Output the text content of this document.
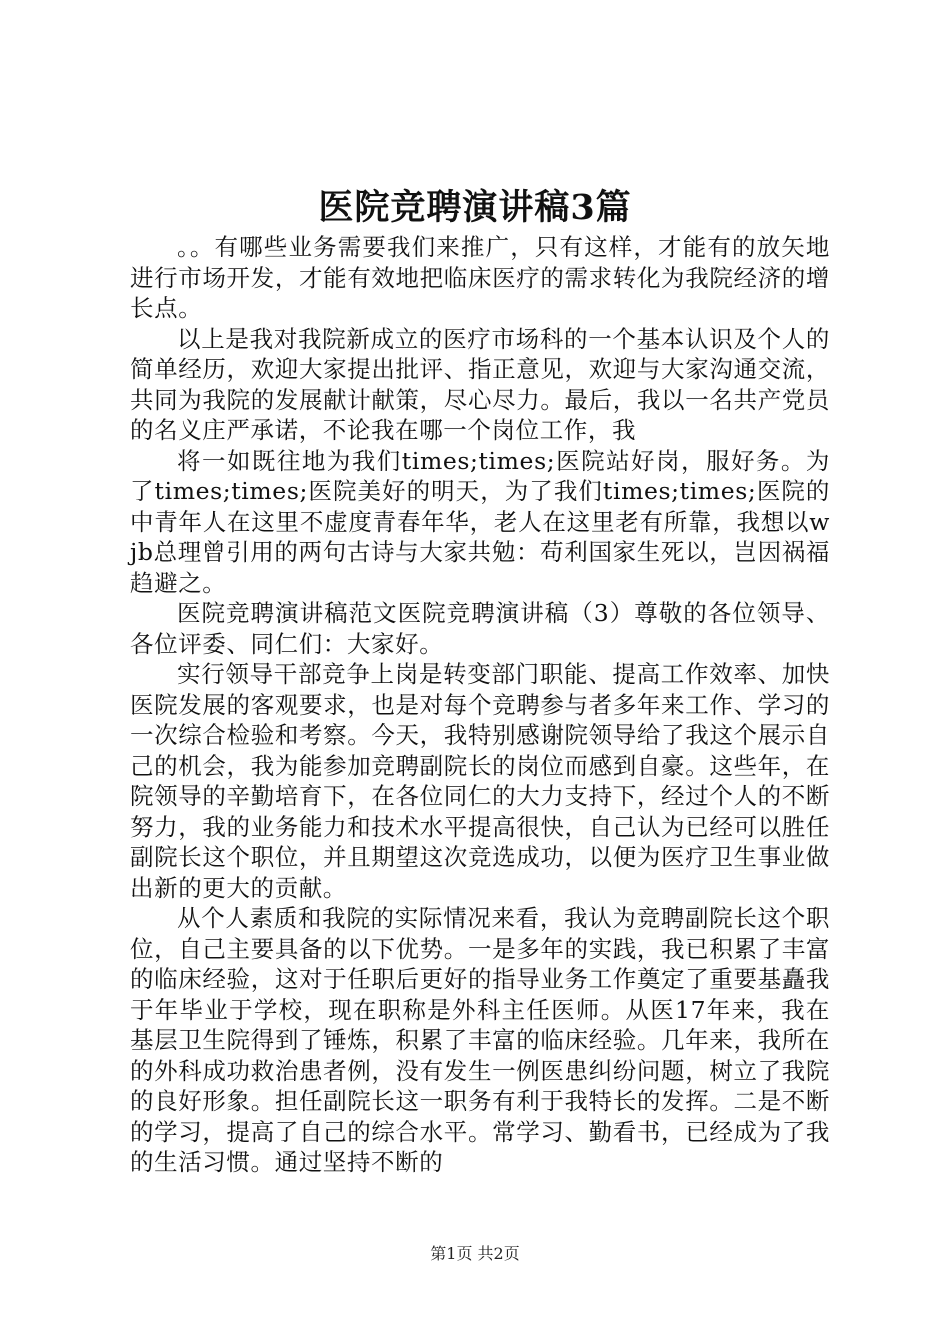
医院竞聘演讲稿3篇

。。有哪些业务需要我们来推广，只有这样，才能有的放矢地进行市场开发，才能有效地把临床医疗的需求转化为我院经济的增长点。

以上是我对我院新成立的医疗市场科的一个基本认识及个人的简单经历，欢迎大家提出批评、指正意见，欢迎与大家沟通交流，共同为我院的发展献计献策，尽心尽力。最后，我以一名共产党员的名义庄严承诺，不论我在哪一个岗位工作，我

将一如既往地为我们times;times;医院站好岗，服好务。为了times;times;医院美好的明天，为了我们times;times;医院的中青年人在这里不虚度青春年华，老人在这里老有所靠，我想以wjb总理曾引用的两句古诗与大家共勉：苟利国家生死以，岂因祸福趋避之。

医院竞聘演讲稿范文医院竞聘演讲稿（3）尊敬的各位领导、各位评委、同仁们：大家好。

实行领导干部竞争上岗是转变部门职能、提高工作效率、加快医院发展的客观要求，也是对每个竞聘参与者多年来工作、学习的一次综合检验和考察。今天，我特别感谢院领导给了我这个展示自己的机会，我为能参加竞聘副院长的岗位而感到自豪。这些年，在院领导的辛勤培育下，在各位同仁的大力支持下，经过个人的不断努力，我的业务能力和技术水平提高很快，自己认为已经可以胜任副院长这个职位，并且期望这次竞选成功，以便为医疗卫生事业做出新的更大的贡献。

从个人素质和我院的实际情况来看，我认为竞聘副院长这个职位，自己主要具备的以下优势。一是多年的实践，我已积累了丰富的临床经验，这对于任职后更好的指导业务工作奠定了重要基矗我于年毕业于学校，现在职称是外科主任医师。从医17年来，我在基层卫生院得到了锤炼，积累了丰富的临床经验。几年来，我所在的外科成功救治患者例，没有发生一例医患纠纷问题，树立了我院的良好形象。担任副院长这一职务有利于我特长的发挥。二是不断的学习，提高了自己的综合水平。常学习、勤看书，已经成为了我的生活习惯。通过坚持不断的

第1页 共2页
